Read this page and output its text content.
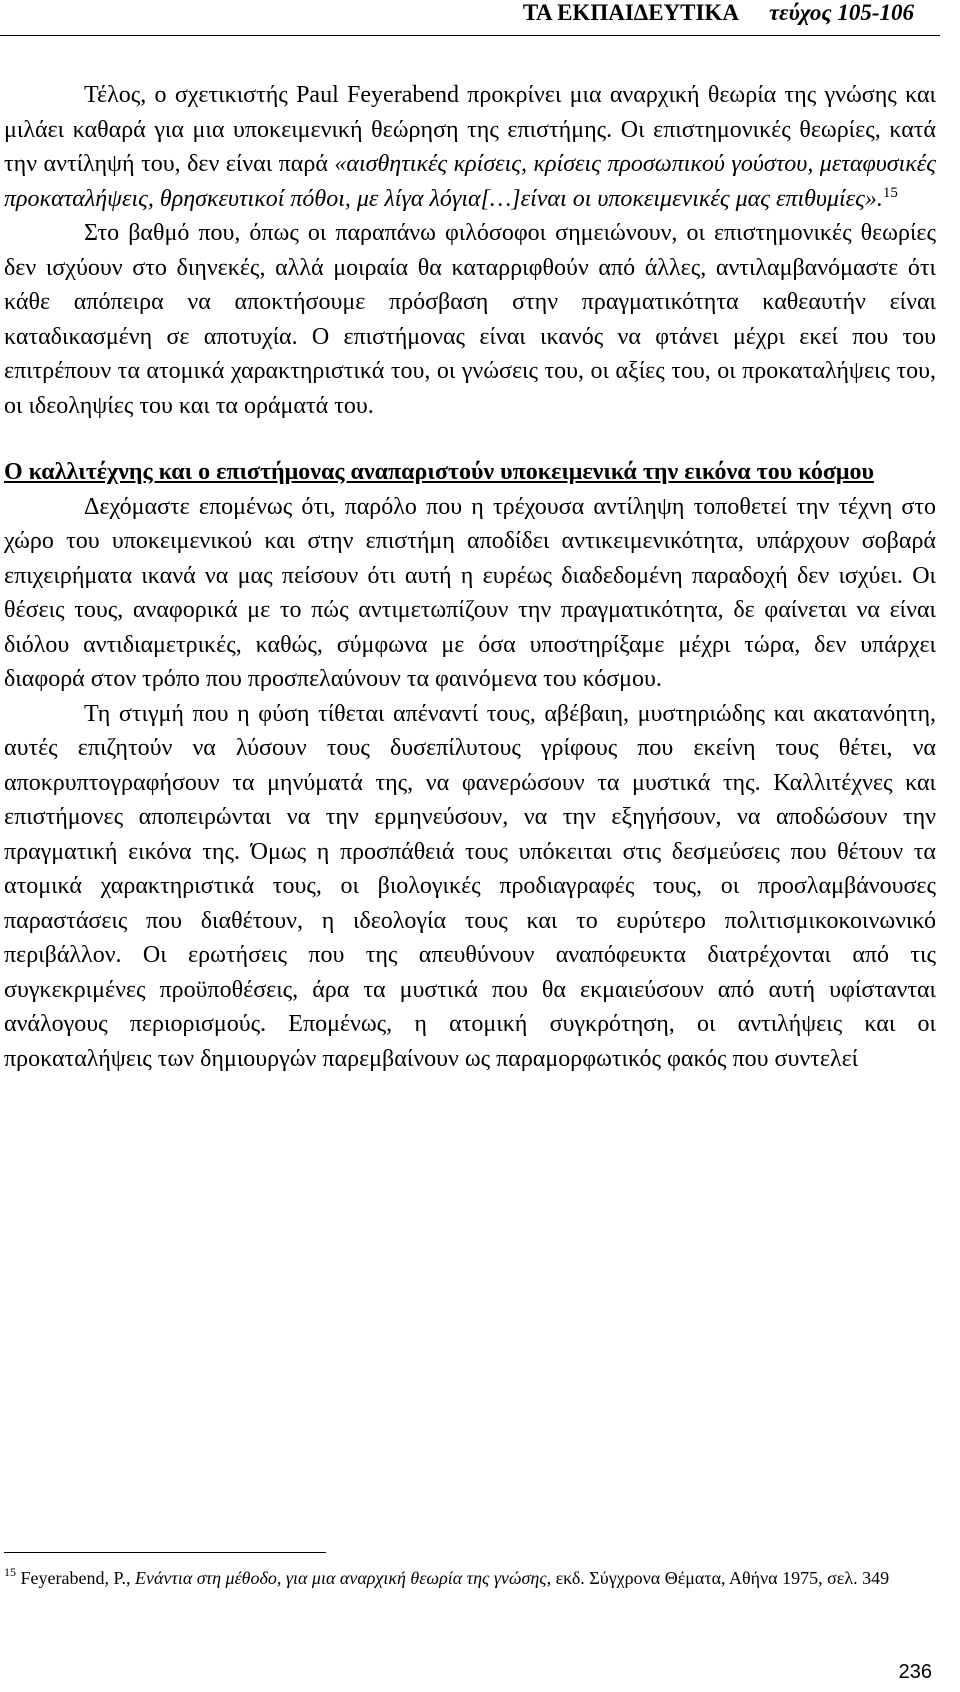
ΤΑ ΕΚΠΑΙΔΕΥΤΙΚΑ τεύχος 105-106

Τέλος, ο σχετικιστής Paul Feyerabend προκρίνει μια αναρχική θεωρία της γνώσης και μιλάει καθαρά για μια υποκειμενική θεώρηση της επιστήμης. Οι επιστημονικές θεωρίες, κατά την αντίληψή του, δεν είναι παρά «αισθητικές κρίσεις, κρίσεις προσωπικού γούστου, μεταφυσικές προκαταλήψεις, θρησκευτικοί πόθοι, με λίγα λόγια[…]είναι οι υποκειμενικές μας επιθυμίες».$^{15}$

Στο βαθμό που, όπως οι παραπάνω φιλόσοφοι σημειώνουν, οι επιστημονικές θεωρίες δεν ισχύουν στο διηνεκές, αλλά μοιραία θα καταρριφθούν από άλλες, αντιλαμβανόμαστε ότι κάθε απόπειρα να αποκτήσουμε πρόσβαση στην πραγματικότητα καθεαυτήν είναι καταδικασμένη σε αποτυχία. Ο επιστήμονας είναι ικανός να φτάνει μέχρι εκεί που του επιτρέπουν τα ατομικά χαρακτηριστικά του, οι γνώσεις του, οι αξίες του, οι προκαταλήψεις του, οι ιδεοληψίες του και τα οράματά του.

Ο καλλιτέχνης και ο επιστήμονας αναπαριστούν υποκειμενικά την εικόνα του κόσμου

Δεχόμαστε επομένως ότι, παρόλο που η τρέχουσα αντίληψη τοποθετεί την τέχνη στο χώρο του υποκειμενικού και στην επιστήμη αποδίδει αντικειμενικότητα, υπάρχουν σοβαρά επιχειρήματα ικανά να μας πείσουν ότι αυτή η ευρέως διαδεδομένη παραδοχή δεν ισχύει. Οι θέσεις τους, αναφορικά με το πώς αντιμετωπίζουν την πραγματικότητα, δε φαίνεται να είναι διόλου αντιδιαμετρικές, καθώς, σύμφωνα με όσα υποστηρίξαμε μέχρι τώρα, δεν υπάρχει διαφορά στον τρόπο που προσπελαύνουν τα φαινόμενα του κόσμου.

Τη στιγμή που η φύση τίθεται απέναντί τους, αβέβαιη, μυστηριώδης και ακατανόητη, αυτές επιζητούν να λύσουν τους δυσεπίλυτους γρίφους που εκείνη τους θέτει, να αποκρυπτογραφήσουν τα μηνύματά της, να φανερώσουν τα μυστικά της. Καλλιτέχνες και επιστήμονες αποπειρώνται να την ερμηνεύσουν, να την εξηγήσουν, να αποδώσουν την πραγματική εικόνα της. Όμως η προσπάθειά τους υπόκειται στις δεσμεύσεις που θέτουν τα ατομικά χαρακτηριστικά τους, οι βιολογικές προδιαγραφές τους, οι προσλαμβάνουσες παραστάσεις που διαθέτουν, η ιδεολογία τους και το ευρύτερο πολιτισμικοκοινωνικό περιβάλλον. Οι ερωτήσεις που της απευθύνουν αναπόφευκτα διατρέχονται από τις συγκεκριμένες προϋποθέσεις, άρα τα μυστικά που θα εκμαιεύσουν από αυτή υφίστανται ανάλογους περιορισμούς. Επομένως, η ατομική συγκρότηση, οι αντιλήψεις και οι προκαταλήψεις των δημιουργών παρεμβαίνουν ως παραμορφωτικός φακός που συντελεί

$^{15}$ Feyerabend, P., Ενάντια στη μέθοδο, για μια αναρχική θεωρία της γνώσης, εκδ. Σύγχρονα Θέματα, Αθήνα 1975, σελ. 349
236
